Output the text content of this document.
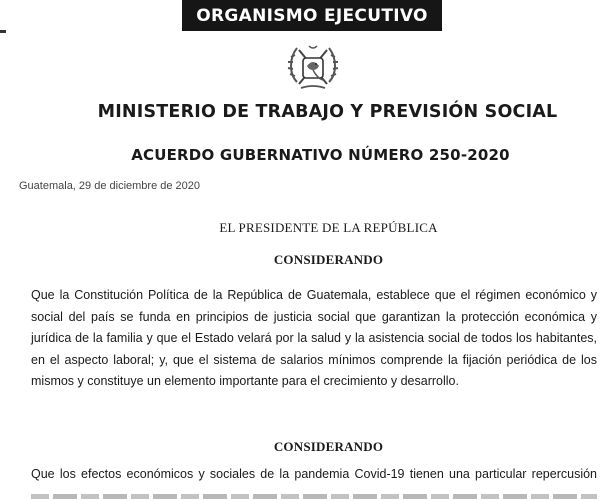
ORGANISMO EJECUTIVO
MINISTERIO DE TRABAJO Y PREVISIÓN SOCIAL
ACUERDO GUBERNATIVO NÚMERO 250-2020
Guatemala, 29 de diciembre de 2020
EL PRESIDENTE DE LA REPÚBLICA
CONSIDERANDO
Que la Constitución Política de la República de Guatemala, establece que el régimen económico y
social del país se funda en principios de justicia social que garantizan la protección económica y
jurídica de la familia y que el Estado velará por la salud y la asistencia social de todos los habitantes,
en el aspecto laboral; y, que el sistema de salarios mínimos comprende la fijación periódica de los
mismos y constituye un elemento importante para el crecimiento y desarrollo.
CONSIDERANDO
Que los efectos económicos y sociales de la pandemia Covid-19 tienen una particular repercusión
